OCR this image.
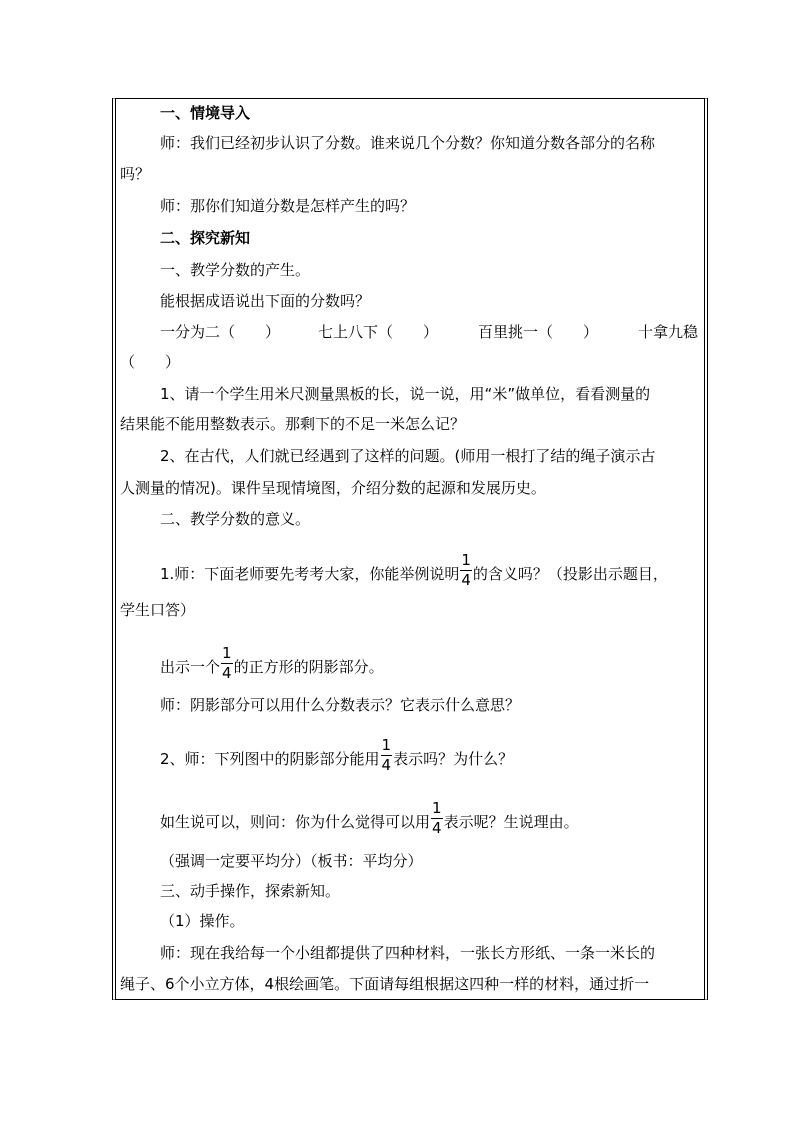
一、情境导入
师：我们已经初步认识了分数。谁来说几个分数？你知道分数各部分的名称
吗？
师：那你们知道分数是怎样产生的吗？
二、探究新知
一、教学分数的产生。
能根据成语说出下面的分数吗？
一分为二（　　）	七上八下（　　）	百里挑一（　　）	十拿九稳
（　　）
1、请一个学生用米尺测量黑板的长，说一说，用“米”做单位，看看测量的
结果能不能用整数表示。那剩下的不足一米怎么记？
2、在古代，人们就已经遇到了这样的问题。(师用一根打了结的绳子演示古
人测量的情况)。课件呈现情境图，介绍分数的起源和发展历史。
二、教学分数的意义。
1.师：下面老师要先考考大家，你能举例说明 $\frac{1}{4}$ 的含义吗？（投影出示题目，
学生口答）
出示一个 $\frac{1}{4}$ 的正方形的阴影部分。
师：阴影部分可以用什么分数表示？它表示什么意思？
2、师：下列图中的阴影部分能用 $\frac{1}{4}$ 表示吗？为什么？
如生说可以，则问：你为什么觉得可以用 $\frac{1}{4}$ 表示呢？生说理由。
（强调一定要平均分）（板书：平均分）
三、动手操作，探索新知。
（1）操作。
师：现在我给每一个小组都提供了四种材料，一张长方形纸、一条一米长的
绳子、6个小立方体，4根绘画笔。下面请每组根据这四种一样的材料，通过折一
